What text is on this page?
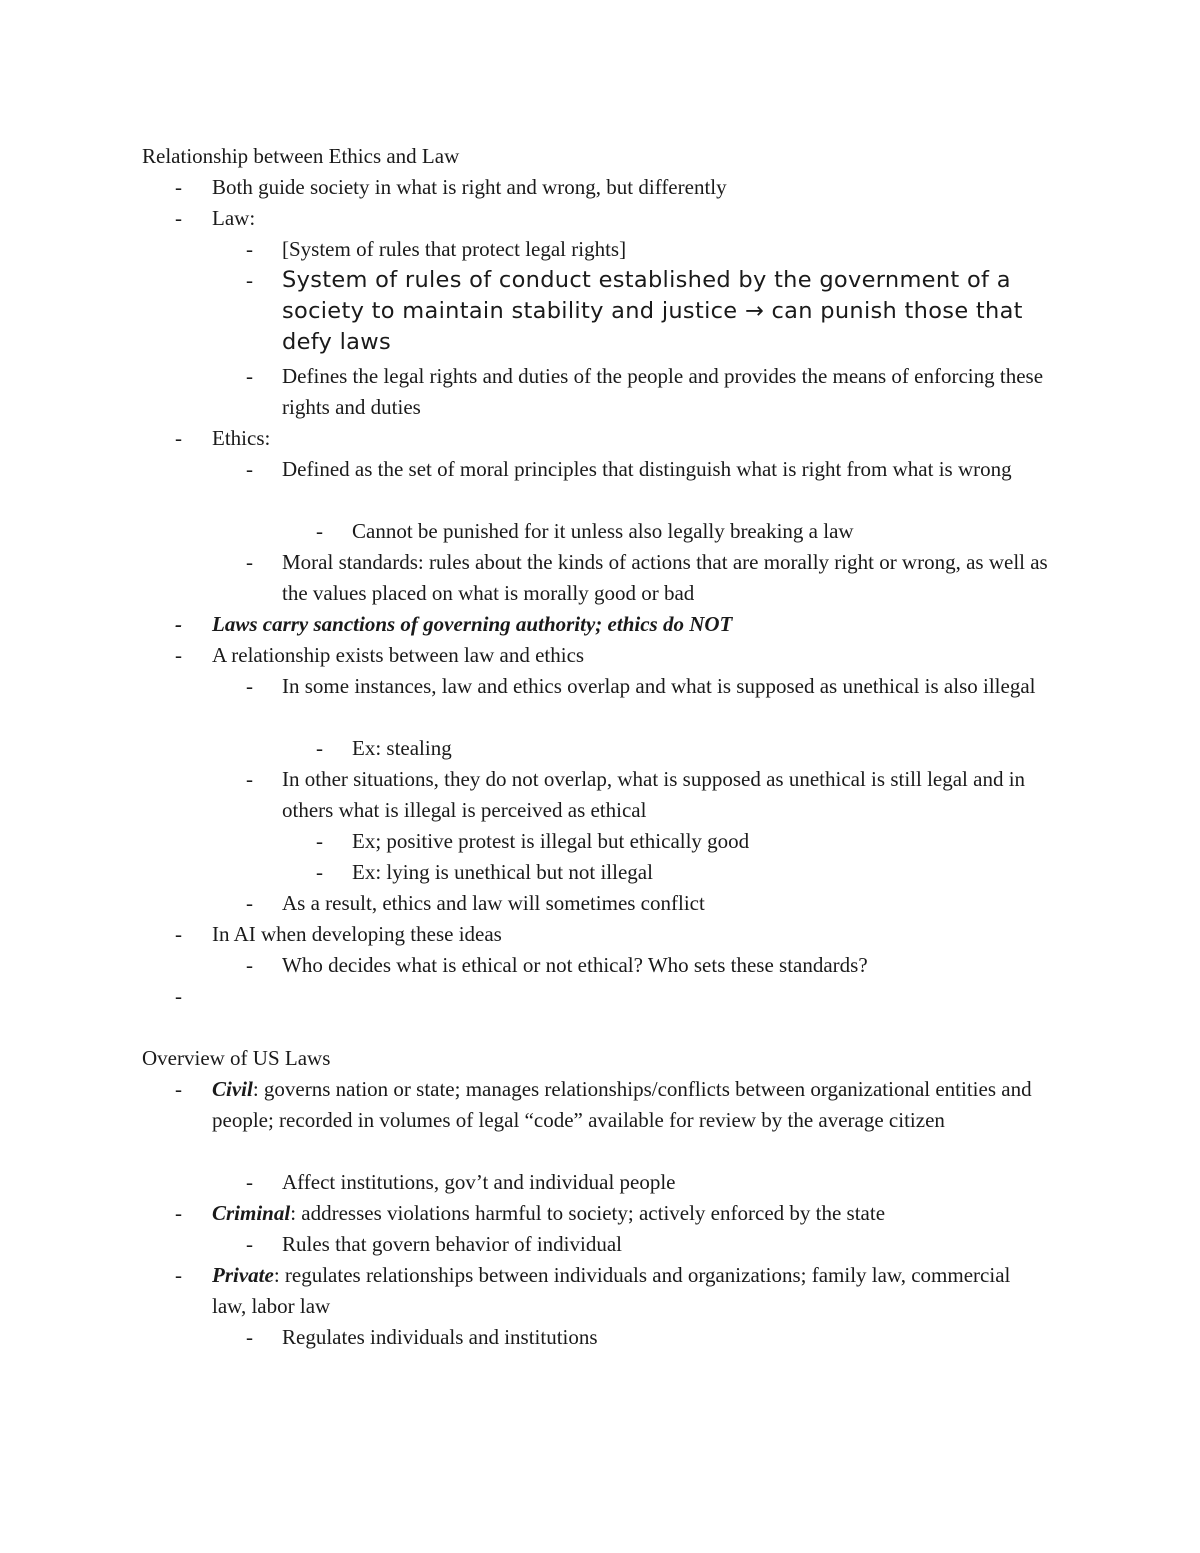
Relationship between Ethics and Law
-	Both guide society in what is right and wrong, but differently
-	Law:
-	[System of rules that protect legal rights]
-	System of rules of conduct established by the government of a society to maintain stability and justice → can punish those that defy laws
-	Defines the legal rights and duties of the people and provides the means of enforcing these rights and duties
-	Ethics:
-	Defined as the set of moral principles that distinguish what is right from what is wrong
-	Cannot be punished for it unless also legally breaking a law
-	Moral standards: rules about the kinds of actions that are morally right or wrong, as well as the values placed on what is morally good or bad
-	Laws carry sanctions of governing authority; ethics do NOT
-	A relationship exists between law and ethics
-	In some instances, law and ethics overlap and what is supposed as unethical is also illegal
-	Ex: stealing
-	In other situations, they do not overlap, what is supposed as unethical is still legal and in others what is illegal is perceived as ethical
-	Ex; positive protest is illegal but ethically good
-	Ex: lying is unethical but not illegal
-	As a result, ethics and law will sometimes conflict
-	In AI when developing these ideas
-	Who decides what is ethical or not ethical? Who sets these standards?
-
Overview of US Laws
-	Civil: governs nation or state; manages relationships/conflicts between organizational entities and people; recorded in volumes of legal “code” available for review by the average citizen
-	Affect institutions, gov’t and individual people
-	Criminal: addresses violations harmful to society; actively enforced by the state
-	Rules that govern behavior of individual
-	Private: regulates relationships between individuals and organizations; family law, commercial law, labor law
-	Regulates individuals and institutions
